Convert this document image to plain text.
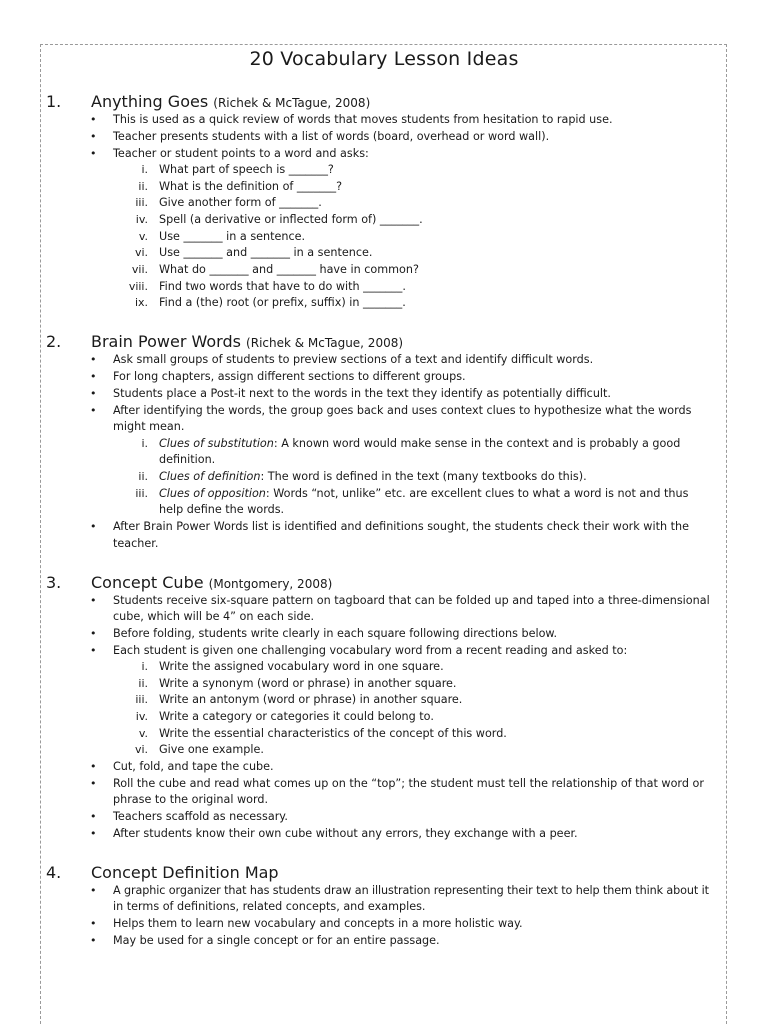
20 Vocabulary Lesson Ideas
1. Anything Goes (Richek & McTague, 2008)
• This is used as a quick review of words that moves students from hesitation to rapid use.
• Teacher presents students with a list of words (board, overhead or word wall).
• Teacher or student points to a word and asks:
i. What part of speech is _______?
ii. What is the definition of _______?
iii. Give another form of _______.
iv. Spell (a derivative or inflected form of) _______.
v. Use _______ in a sentence.
vi. Use _______ and _______ in a sentence.
vii. What do _______ and _______ have in common?
viii. Find two words that have to do with _______.
ix. Find a (the) root (or prefix, suffix) in _______.
2. Brain Power Words (Richek & McTague, 2008)
• Ask small groups of students to preview sections of a text and identify difficult words.
• For long chapters, assign different sections to different groups.
• Students place a Post-it next to the words in the text they identify as potentially difficult.
• After identifying the words, the group goes back and uses context clues to hypothesize what the words
might mean.
i. Clues of substitution: A known word would make sense in the context and is probably a good
definition.
ii. Clues of definition: The word is defined in the text (many textbooks do this).
iii. Clues of opposition: Words “not, unlike” etc. are excellent clues to what a word is not and thus
help define the words.
• After Brain Power Words list is identified and definitions sought, the students check their work with the
teacher.
3. Concept Cube (Montgomery, 2008)
• Students receive six-square pattern on tagboard that can be folded up and taped into a three-dimensional
cube, which will be 4” on each side.
• Before folding, students write clearly in each square following directions below.
• Each student is given one challenging vocabulary word from a recent reading and asked to:
i. Write the assigned vocabulary word in one square.
ii. Write a synonym (word or phrase) in another square.
iii. Write an antonym (word or phrase) in another square.
iv. Write a category or categories it could belong to.
v. Write the essential characteristics of the concept of this word.
vi. Give one example.
• Cut, fold, and tape the cube.
• Roll the cube and read what comes up on the “top”; the student must tell the relationship of that word or
phrase to the original word.
• Teachers scaffold as necessary.
• After students know their own cube without any errors, they exchange with a peer.
4. Concept Definition Map
• A graphic organizer that has students draw an illustration representing their text to help them think about it
in terms of definitions, related concepts, and examples.
• Helps them to learn new vocabulary and concepts in a more holistic way.
• May be used for a single concept or for an entire passage.
